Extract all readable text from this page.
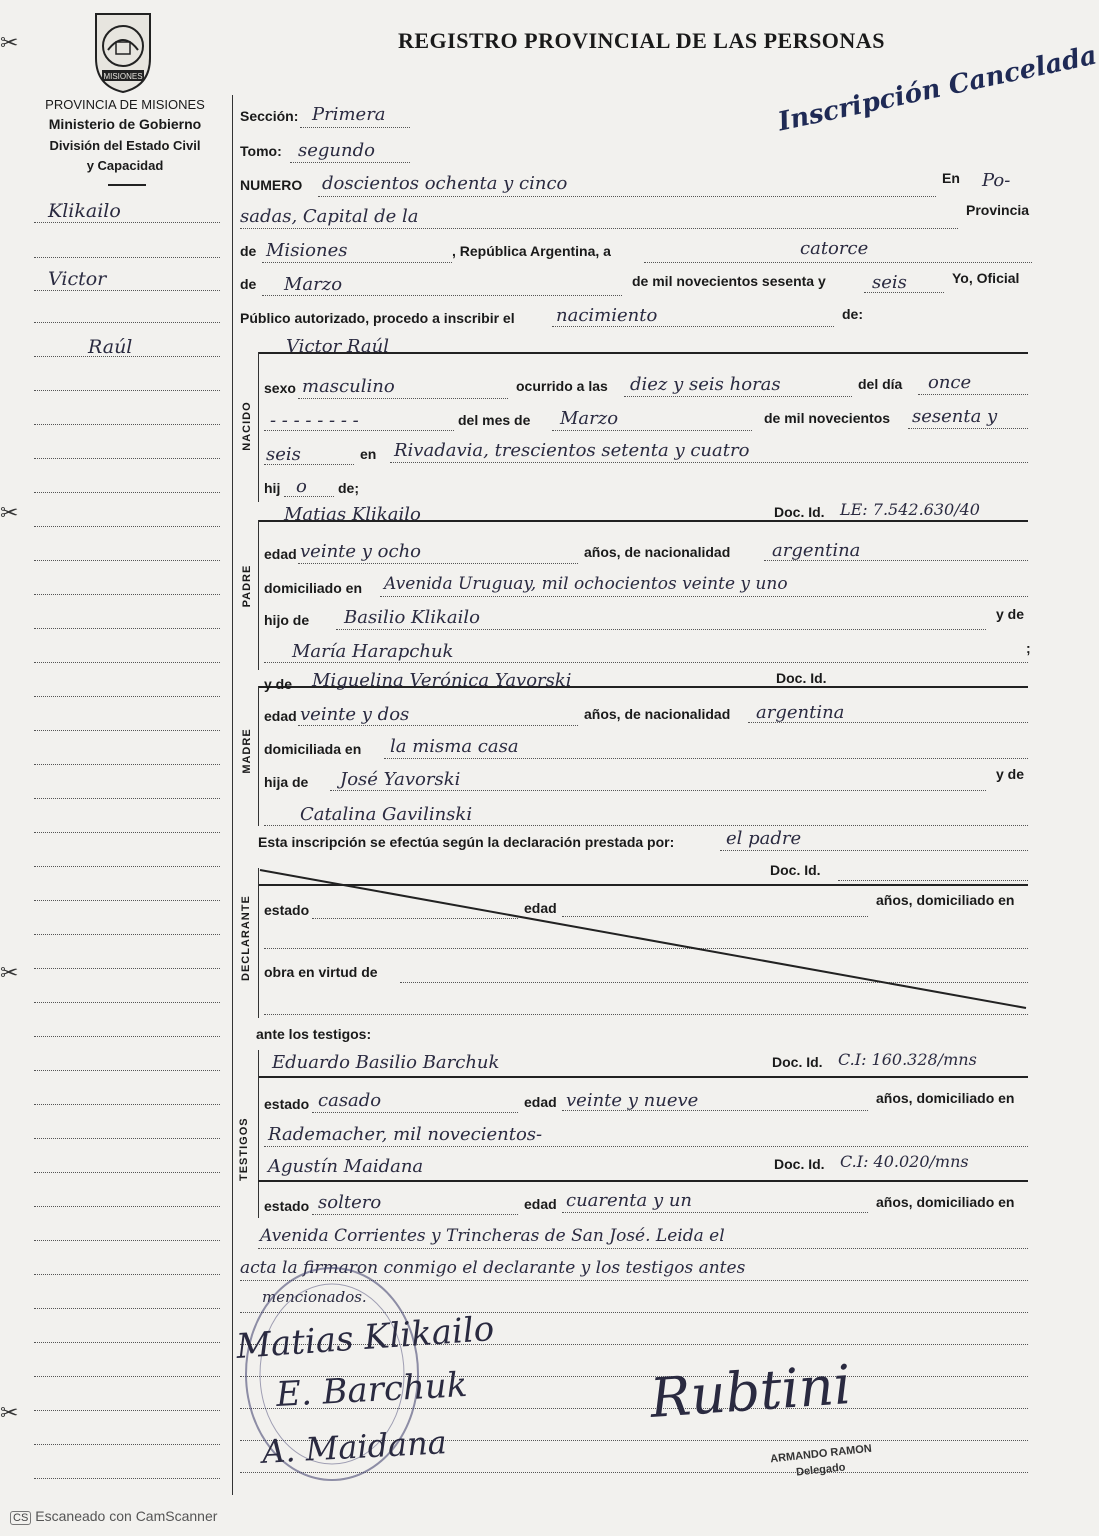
MISIONES
PROVINCIA DE MISIONES
Ministerio de Gobierno
División del Estado Civil
y Capacidad
REGISTRO PROVINCIAL DE LAS PERSONAS
Inscripción Cancelada
Klikailo
Victor
Raúl
✂
✂
✂
✂
Sección: Primera
Tomo: segundo
NUMERO doscientos ochenta y cinco	En Po-
sadas, Capital de la	Provincia
de Misiones	, República Argentina, a	catorce
de Marzo	de mil novecientos sesenta y	seis	Yo, Oficial
Público autorizado, procedo a inscribir el nacimiento	de:
NACIDO
Victor Raúl
sexo masculino	ocurrido a las diez y seis horas	del día once
- - - - - - - -	del mes de Marzo	de mil novecientos sesenta y
seis	en Rivadavia, trescientos setenta y cuatro
hij o de;
PADRE
Matias Klikailo	Doc. Id. LE: 7.542.630/40
edad veinte y ocho	años, de nacionalidad argentina
domiciliado en Avenida Uruguay, mil ochocientos veinte y uno
hijo de Basilio Klikailo	y de
María Harapchuk	;
MADRE
y de Miguelina Verónica Yavorski	Doc. Id.
edad veinte y dos	años, de nacionalidad argentina
domiciliada en la misma casa
hija de José Yavorski	y de
Catalina Gavilinski
Esta inscripción se efectúa según la declaración prestada por:	el padre
Doc. Id.
DECLARANTE estado	edad	años, domiciliado en
obra en virtud de
ante los testigos:
TESTIGOS
Eduardo Basilio Barchuk	Doc. Id. C.I: 160.328/mns
estado casado	edad veinte y nueve	años, domiciliado en
Rademacher, mil novecientos-
Agustín Maidana	Doc. Id. C.I: 40.020/mns
estado soltero	edad cuarenta y un	años, domiciliado en
Avenida Corrientes y Trincheras de San José. Leida el
acta la firmaron conmigo el declarante y los testigos antes
mencionados.
Matias Klikailo
E. Barchuk
A. Maidana
Rubtini
ARMANDO RAMON
Delegado
CS Escaneado con CamScanner
